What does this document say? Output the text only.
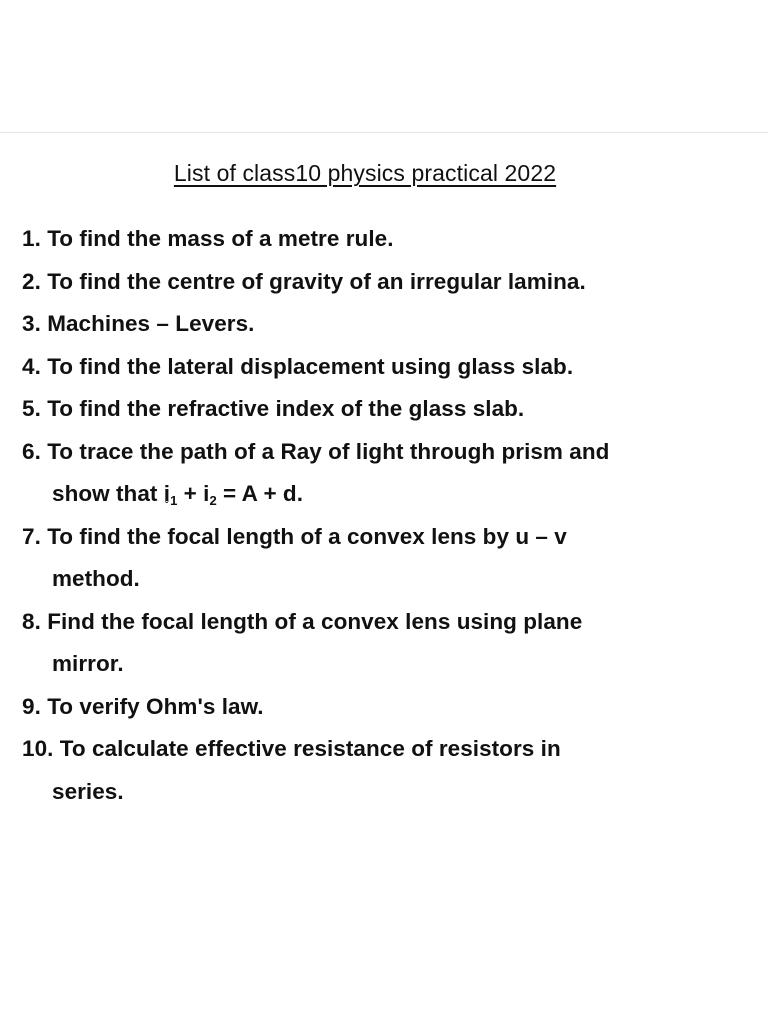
List of class10 physics practical 2022
1. To find the mass of a metre rule.
2. To find the centre of gravity of an irregular lamina.
3. Machines – Levers.
4. To find the lateral displacement using glass slab.
5. To find the refractive index of the glass slab.
6. To trace the path of a Ray of light through prism and
show that i ˇ$_1$ + $i_2 = A + d$.
7. To find the focal length of a convex lens by u – v
method.
8. Find the focal length of a convex lens using plane
mirror.
9. To verify Ohm's law.
10. To calculate effective resistance of resistors in
series.
